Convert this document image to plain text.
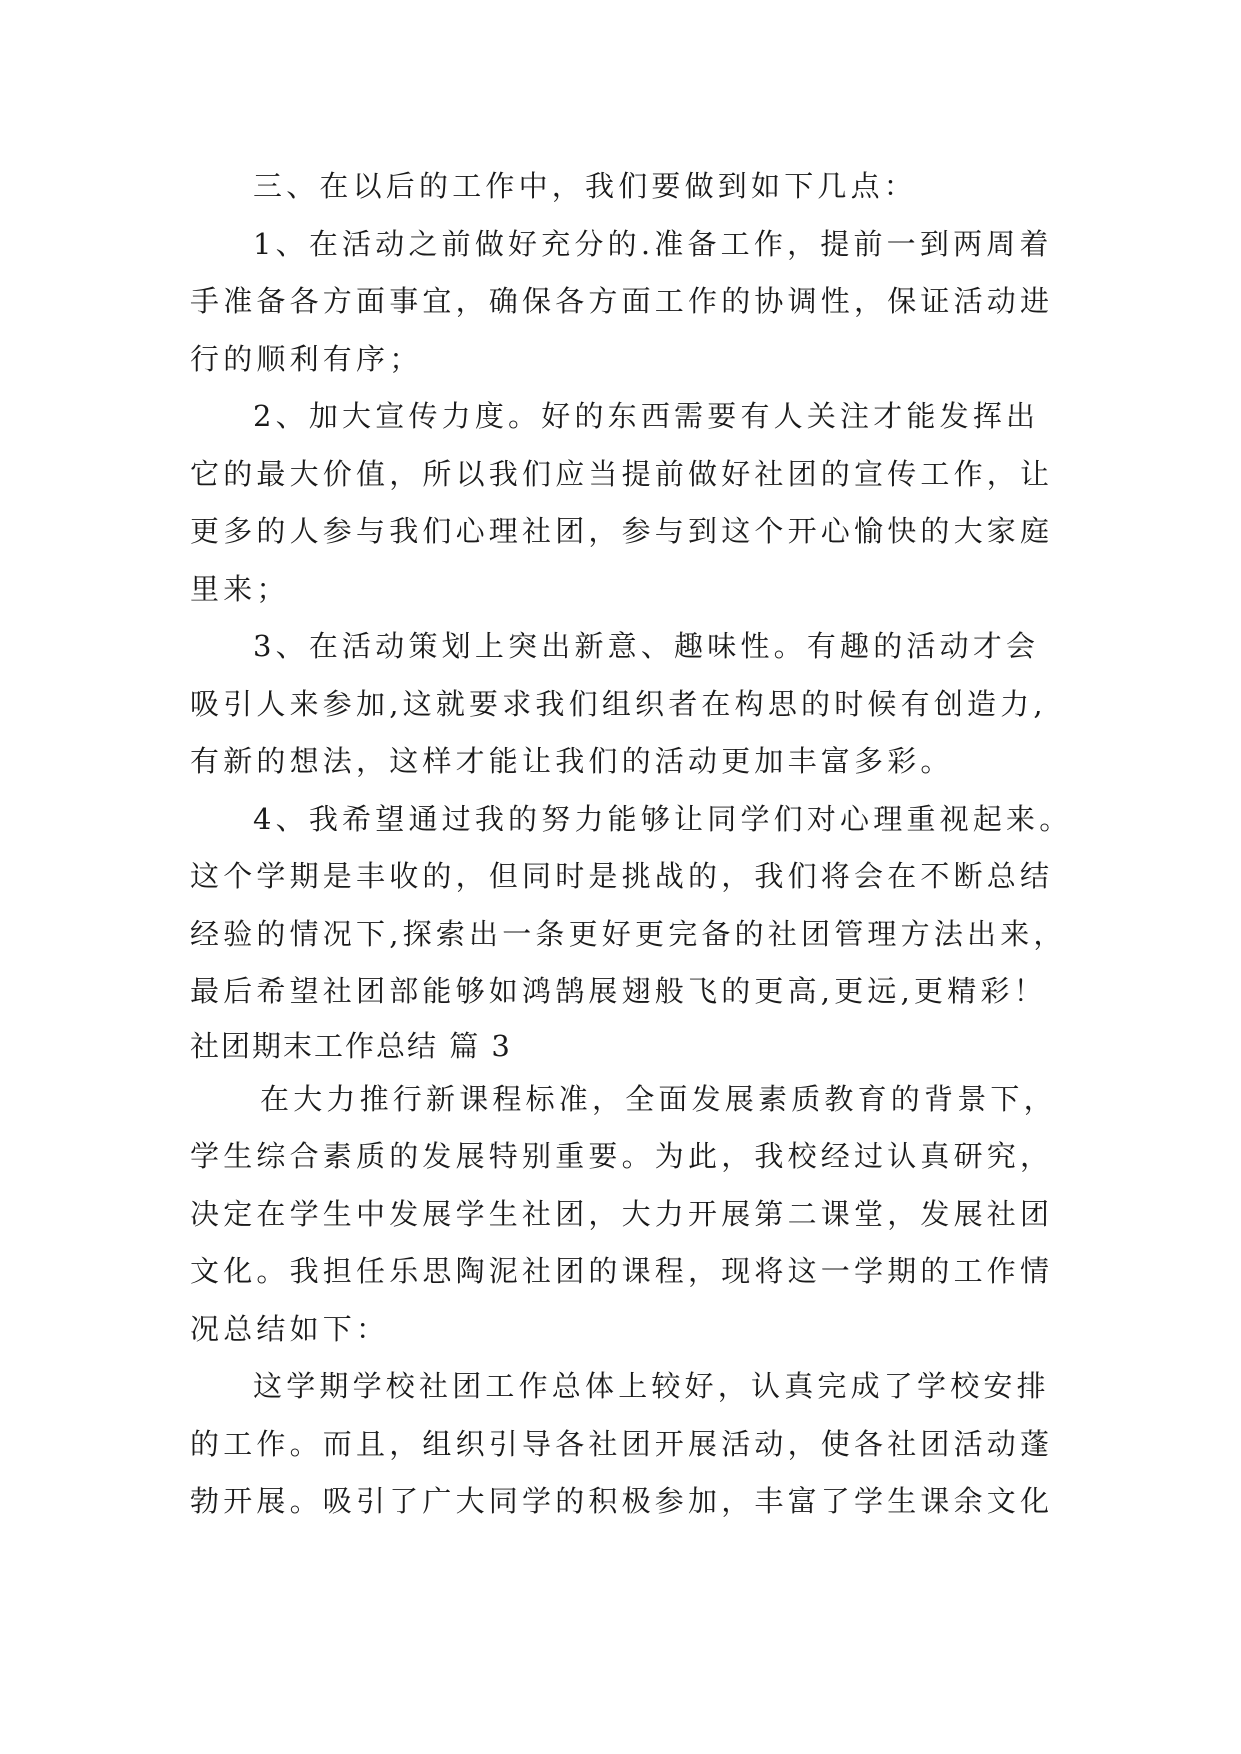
三、在以后的工作中，我们要做到如下几点：
1、在活动之前做好充分的.准备工作，提前一到两周着
手准备各方面事宜，确保各方面工作的协调性，保证活动进
行的顺利有序；
2、加大宣传力度。好的东西需要有人关注才能发挥出
它的最大价值，所以我们应当提前做好社团的宣传工作，让
更多的人参与我们心理社团，参与到这个开心愉快的大家庭
里来；
3、在活动策划上突出新意、趣味性。有趣的活动才会
吸引人来参加,这就要求我们组织者在构思的时候有创造力,
有新的想法，这样才能让我们的活动更加丰富多彩。
4、我希望通过我的努力能够让同学们对心理重视起来。
这个学期是丰收的，但同时是挑战的，我们将会在不断总结
经验的情况下,探索出一条更好更完备的社团管理方法出来，
最后希望社团部能够如鸿鹄展翅般飞的更高,更远,更精彩！
社团期末工作总结 篇 3
在大力推行新课程标准，全面发展素质教育的背景下，
学生综合素质的发展特别重要。为此，我校经过认真研究，
决定在学生中发展学生社团，大力开展第二课堂，发展社团
文化。我担任乐思陶泥社团的课程，现将这一学期的工作情
况总结如下：
这学期学校社团工作总体上较好，认真完成了学校安排
的工作。而且，组织引导各社团开展活动，使各社团活动蓬
勃开展。吸引了广大同学的积极参加，丰富了学生课余文化
